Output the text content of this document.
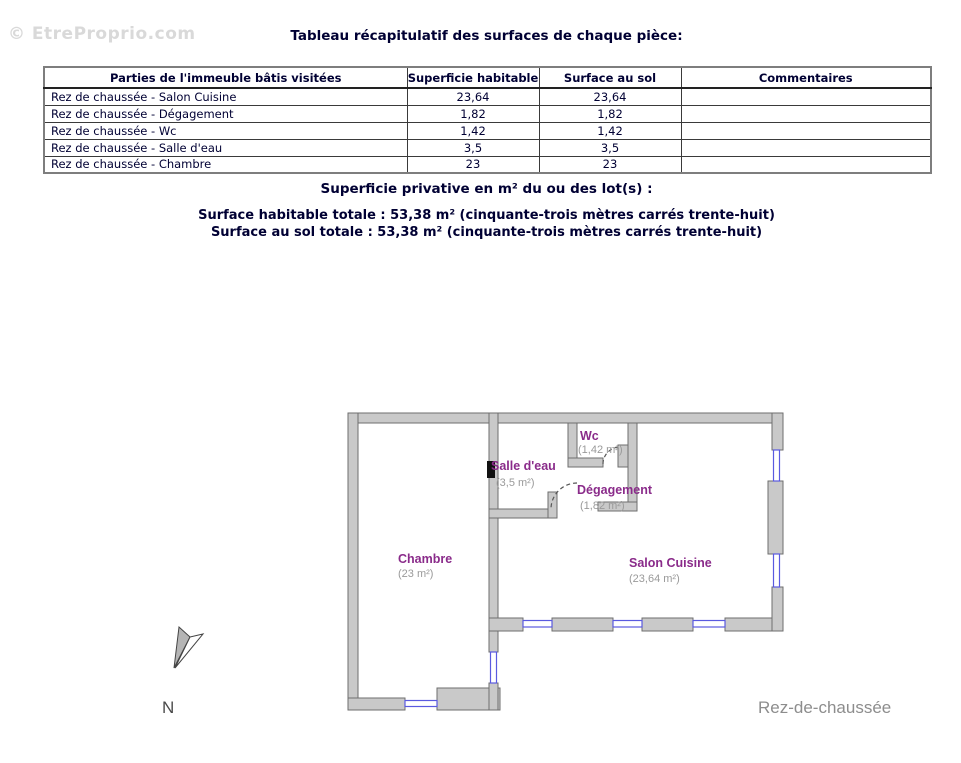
© EtreProprio.com	Tableau récapitulatif des surfaces de chaque pièce:
Parties de l'immeuble bâtis visitées	Superficie habitable	Surface au sol	Commentaires
Rez de chaussée - Salon Cuisine	23,64	23,64	
Rez de chaussée - Dégagement	1,82	1,82	
Rez de chaussée - Wc	1,42	1,42	
Rez de chaussée - Salle d'eau	3,5	3,5	
Rez de chaussée - Chambre	23	23	
Superficie privative en m² du ou des lot(s) :
Surface habitable totale : 53,38 m² (cinquante-trois mètres carrés trente-huit)
Surface au sol totale : 53,38 m² (cinquante-trois mètres carrés trente-huit)
Wc
(1,42 m²)
Salle d'eau
(3,5 m²)	Dégagement
(1,82 m²)
Chambre
(23 m²)
Salon Cuisine
(23,64 m²)
N	Rez-de-chaussée
